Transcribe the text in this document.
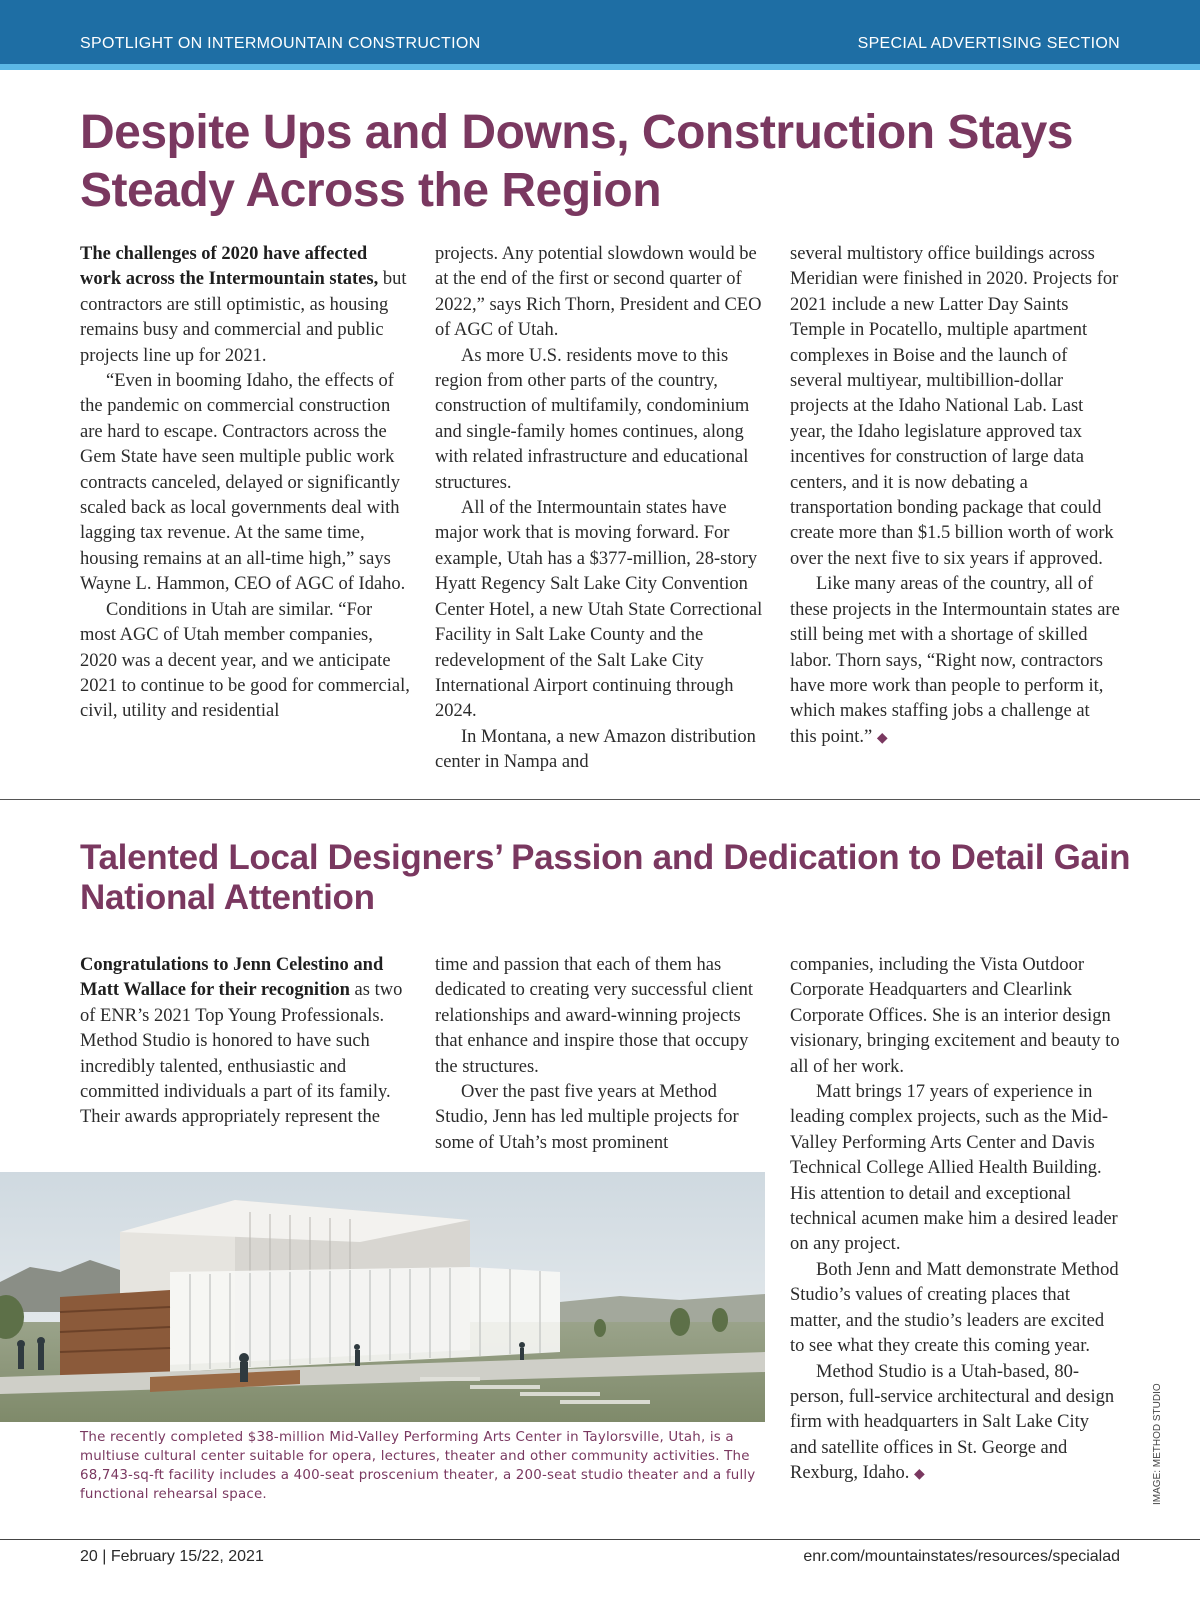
SPOTLIGHT ON INTERMOUNTAIN CONSTRUCTION	SPECIAL ADVERTISING SECTION
Despite Ups and Downs, Construction Stays Steady Across the Region

The challenges of 2020 have affected work across the Intermountain states, but contractors are still optimistic, as housing remains busy and commercial and public projects line up for 2021.

“Even in booming Idaho, the effects of the pandemic on commercial construction are hard to escape. Contractors across the Gem State have seen multiple public work contracts canceled, delayed or significantly scaled back as local governments deal with lagging tax revenue. At the same time, housing remains at an all-time high,” says Wayne L. Hammon, CEO of AGC of Idaho.

Conditions in Utah are similar. “For most AGC of Utah member companies, 2020 was a decent year, and we anticipate 2021 to continue to be good for commercial, civil, utility and residential

projects. Any potential slowdown would be at the end of the first or second quarter of 2022,” says Rich Thorn, President and CEO of AGC of Utah.

As more U.S. residents move to this region from other parts of the country, construction of multifamily, condominium and single-family homes continues, along with related infrastructure and educational structures.

All of the Intermountain states have major work that is moving forward. For example, Utah has a $377-million, 28-story Hyatt Regency Salt Lake City Convention Center Hotel, a new Utah State Correctional Facility in Salt Lake County and the redevelopment of the Salt Lake City International Airport continuing through 2024.

In Montana, a new Amazon distribution center in Nampa and

several multistory office buildings across Meridian were finished in 2020. Projects for 2021 include a new Latter Day Saints Temple in Pocatello, multiple apartment complexes in Boise and the launch of several multiyear, multibillion-dollar projects at the Idaho National Lab. Last year, the Idaho legislature approved tax incentives for construction of large data centers, and it is now debating a transportation bonding package that could create more than $1.5 billion worth of work over the next five to six years if approved.

Like many areas of the country, all of these projects in the Intermountain states are still being met with a shortage of skilled labor. Thorn says, “Right now, contractors have more work than people to perform it, which makes staffing jobs a challenge at this point.” ◆

Talented Local Designers’ Passion and Dedication to Detail Gain National Attention

Congratulations to Jenn Celestino and Matt Wallace for their recognition as two of ENR’s 2021 Top Young Professionals. Method Studio is honored to have such incredibly talented, enthusiastic and committed individuals a part of its family. Their awards appropriately represent the

time and passion that each of them has dedicated to creating very successful client relationships and award-winning projects that enhance and inspire those that occupy the structures.

Over the past five years at Method Studio, Jenn has led multiple projects for some of Utah’s most prominent

companies, including the Vista Outdoor Corporate Headquarters and Clearlink Corporate Offices. She is an interior design visionary, bringing excitement and beauty to all of her work.

Matt brings 17 years of experience in leading complex projects, such as the Mid-Valley Performing Arts Center and Davis Technical College Allied Health Building. His attention to detail and exceptional technical acumen make him a desired leader on any project.

Both Jenn and Matt demonstrate Method Studio’s values of creating places that matter, and the studio’s leaders are excited to see what they create this coming year.

Method Studio is a Utah-based, 80-person, full-service architectural and design firm with headquarters in Salt Lake City and satellite offices in St. George and Rexburg, Idaho. ◆

The recently completed $38-million Mid-Valley Performing Arts Center in Taylorsville, Utah, is a multiuse cultural center suitable for opera, lectures, theater and other community activities. The 68,743-sq-ft facility includes a 400-seat proscenium theater, a 200-seat studio theater and a fully functional rehearsal space.	IMAGE: METHOD STUDIO
20 | February 15/22, 2021	enr.com/mountainstates/resources/specialad
